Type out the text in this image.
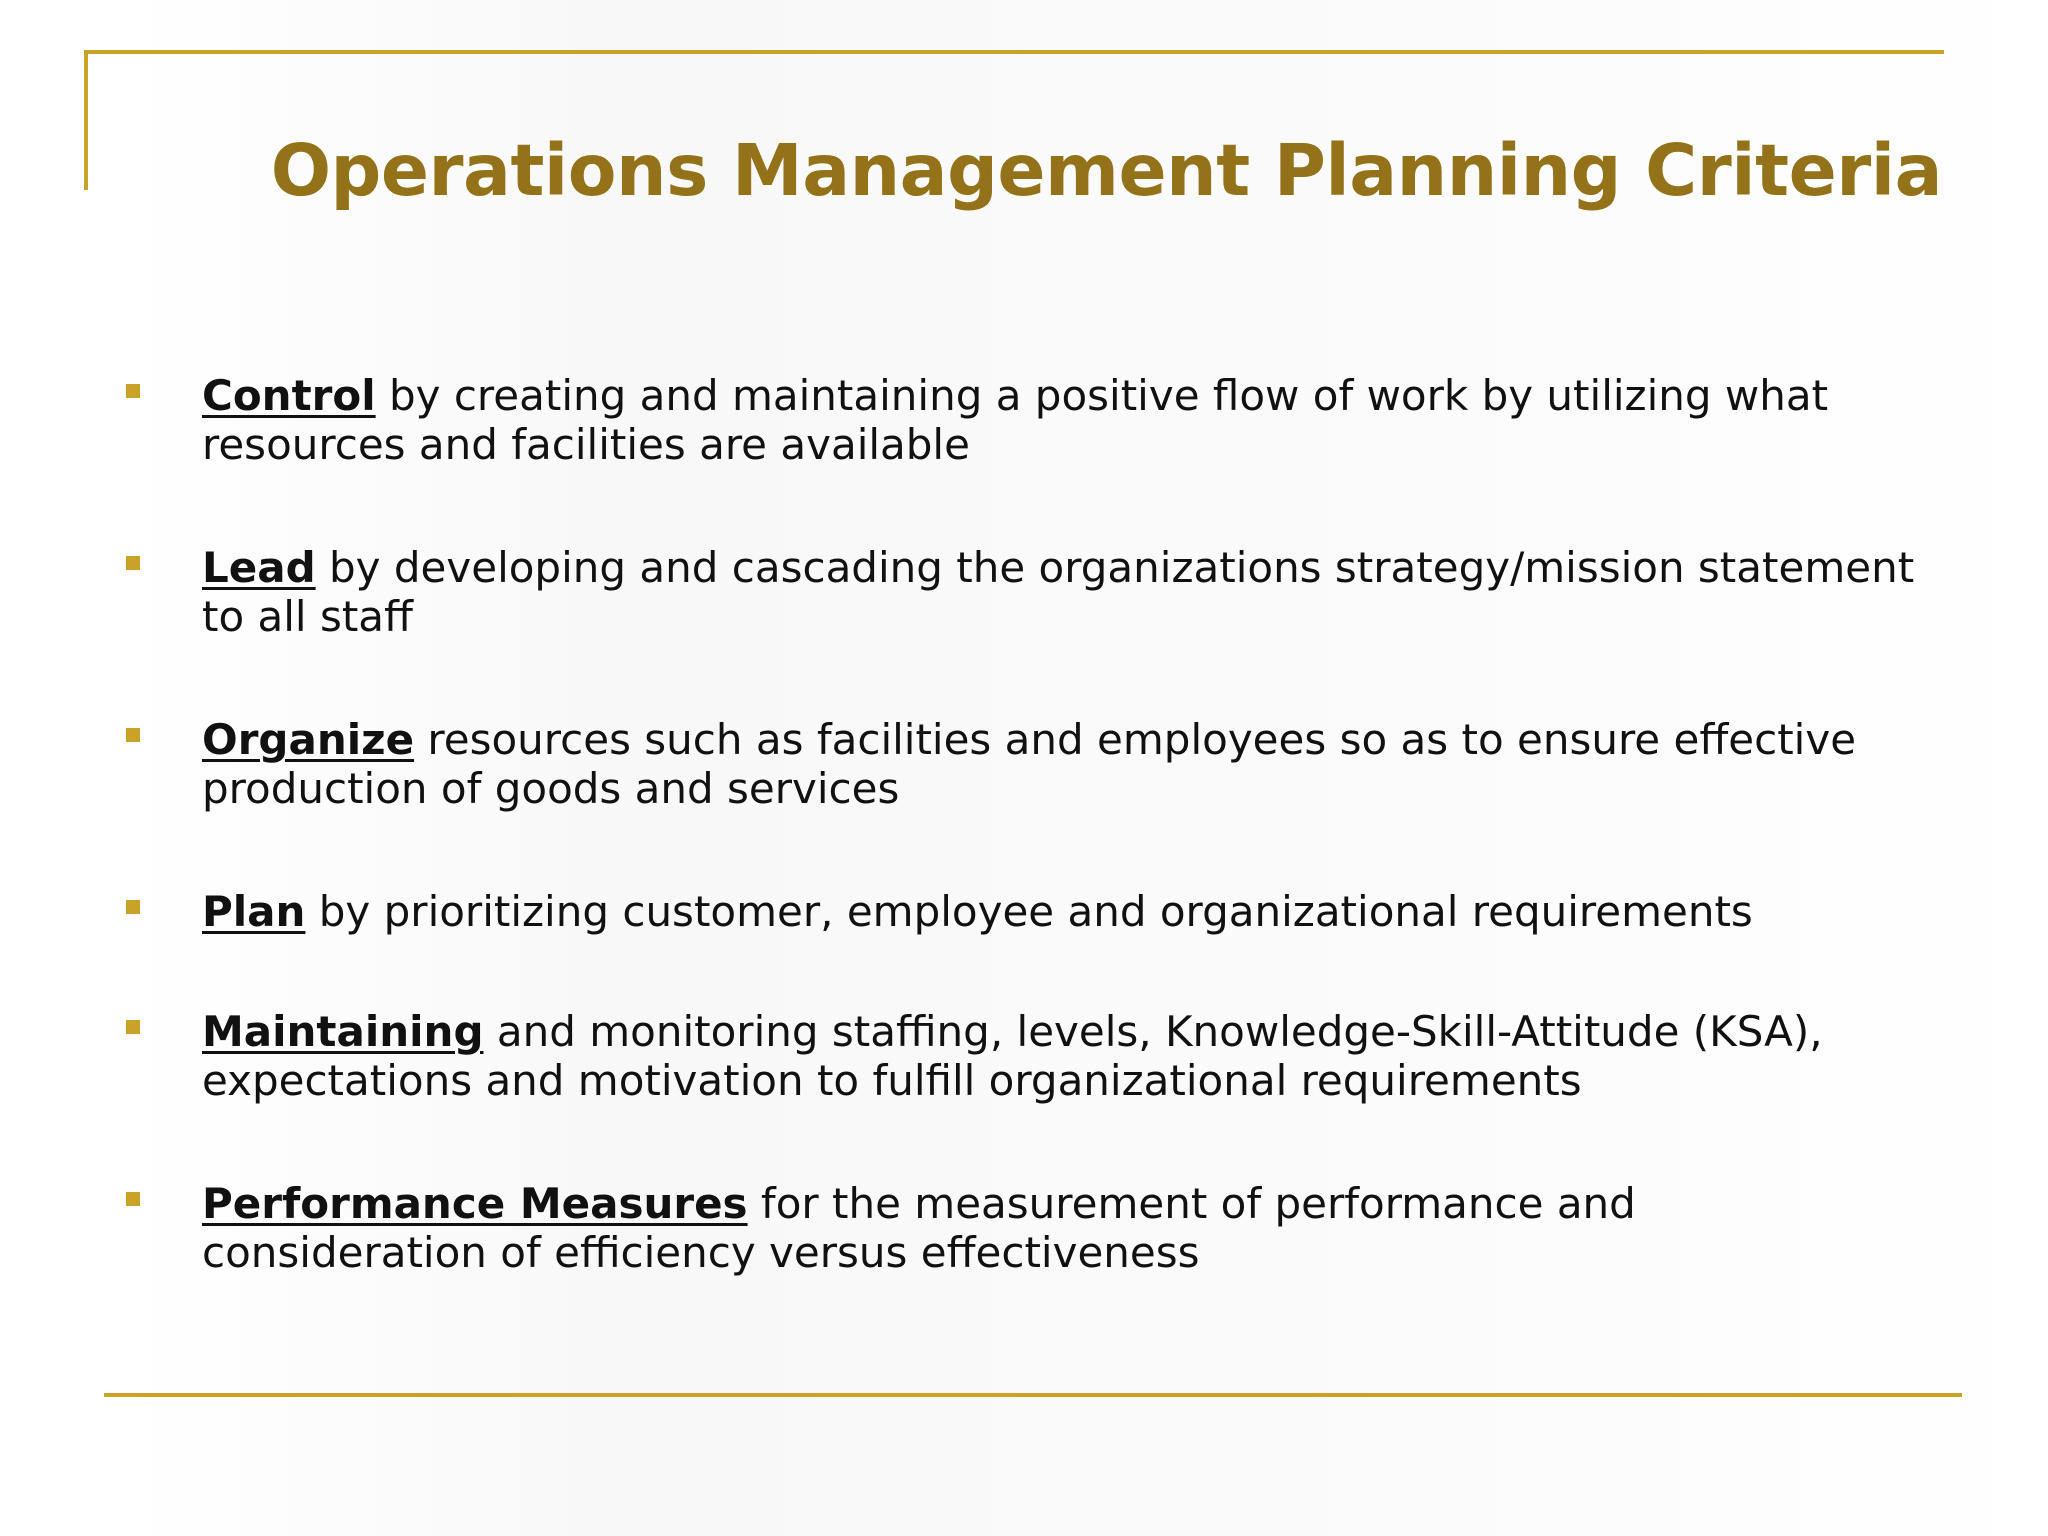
Operations Management Planning Criteria
Control by creating and maintaining a positive flow of work by utilizing what resources and facilities are available
Lead by developing and cascading the organizations strategy/mission statement to all staff
Organize resources such as facilities and employees so as to ensure effective production of goods and services
Plan by prioritizing customer, employee and organizational requirements
Maintaining and monitoring staffing, levels, Knowledge-Skill-Attitude (KSA), expectations and motivation to fulfill organizational requirements
Performance Measures for the measurement of performance and consideration of efficiency versus effectiveness
